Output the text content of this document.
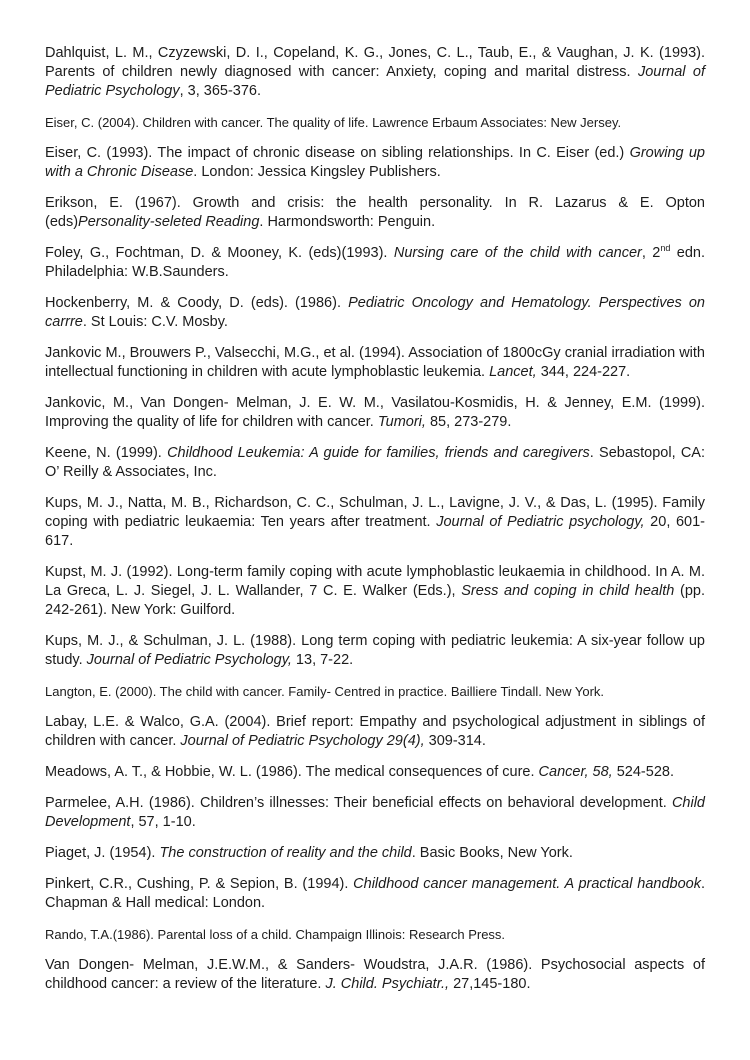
Dahlquist, L. M., Czyzewski, D. I., Copeland, K. G., Jones, C. L., Taub, E., & Vaughan, J. K. (1993). Parents of children newly diagnosed with cancer: Anxiety, coping and marital distress. Journal of Pediatric Psychology, 3, 365-376.

Eiser, C. (2004). Children with cancer. The quality of life. Lawrence Erbaum Associates: New Jersey.

Eiser, C. (1993). The impact of chronic disease on sibling relationships. In C. Eiser (ed.) Growing up with a Chronic Disease. London: Jessica Kingsley Publishers.

Erikson, E. (1967). Growth and crisis: the health personality. In R. Lazarus & E. Opton (eds)Personality-seleted Reading. Harmondsworth: Penguin.

Foley, G., Fochtman, D. & Mooney, K. (eds)(1993). Nursing care of the child with cancer, 2nd edn. Philadelphia: W.B.Saunders.

Hockenberry, M. & Coody, D. (eds). (1986). Pediatric Oncology and Hematology. Perspectives on carrre. St Louis: C.V. Mosby.

Jankovic M., Brouwers P., Valsecchi, M.G., et al. (1994). Association of 1800cGy cranial irradiation with intellectual functioning in children with acute lymphoblastic leukemia. Lancet, 344, 224-227.

Jankovic, M., Van Dongen- Melman, J. E. W. M., Vasilatou-Kosmidis, H. & Jenney, E.M. (1999). Improving the quality of life for children with cancer. Tumori, 85, 273-279.

Keene, N. (1999). Childhood Leukemia: A guide for families, friends and caregivers. Sebastopol, CA: O’ Reilly & Associates, Inc.

Kups, M. J., Natta, M. B., Richardson, C. C., Schulman, J. L., Lavigne, J. V., & Das, L. (1995). Family coping with pediatric leukaemia: Ten years after treatment. Journal of Pediatric psychology, 20, 601-617.

Kupst, M. J. (1992). Long-term family coping with acute lymphoblastic leukaemia in childhood. In A. M. La Greca, L. J. Siegel, J. L. Wallander, 7 C. E. Walker (Eds.), Sress and coping in child health (pp. 242-261). New York: Guilford.

Kups, M. J., & Schulman, J. L. (1988). Long term coping with pediatric leukemia: A six-year follow up study. Journal of Pediatric Psychology, 13, 7-22.

Langton, E. (2000). The child with cancer. Family- Centred in practice. Bailliere Tindall. New York.

Labay, L.E. & Walco, G.A. (2004). Brief report: Empathy and psychological adjustment in siblings of children with cancer. Journal of Pediatric Psychology 29(4), 309-314.

Meadows, A. T., & Hobbie, W. L. (1986). The medical consequences of cure. Cancer, 58, 524-528.

Parmelee, A.H. (1986). Children’s illnesses: Their beneficial effects on behavioral development. Child Development, 57, 1-10.

Piaget, J. (1954). The construction of reality and the child. Basic Books, New York.

Pinkert, C.R., Cushing, P. & Sepion, B. (1994). Childhood cancer management. A practical handbook. Chapman & Hall medical: London.

Rando, T.A.(1986). Parental loss of a child. Champaign Illinois: Research Press.

Van Dongen- Melman, J.E.W.M., & Sanders- Woudstra, J.A.R. (1986). Psychosocial aspects of childhood cancer: a review of the literature. J. Child. Psychiatr., 27,145-180.
